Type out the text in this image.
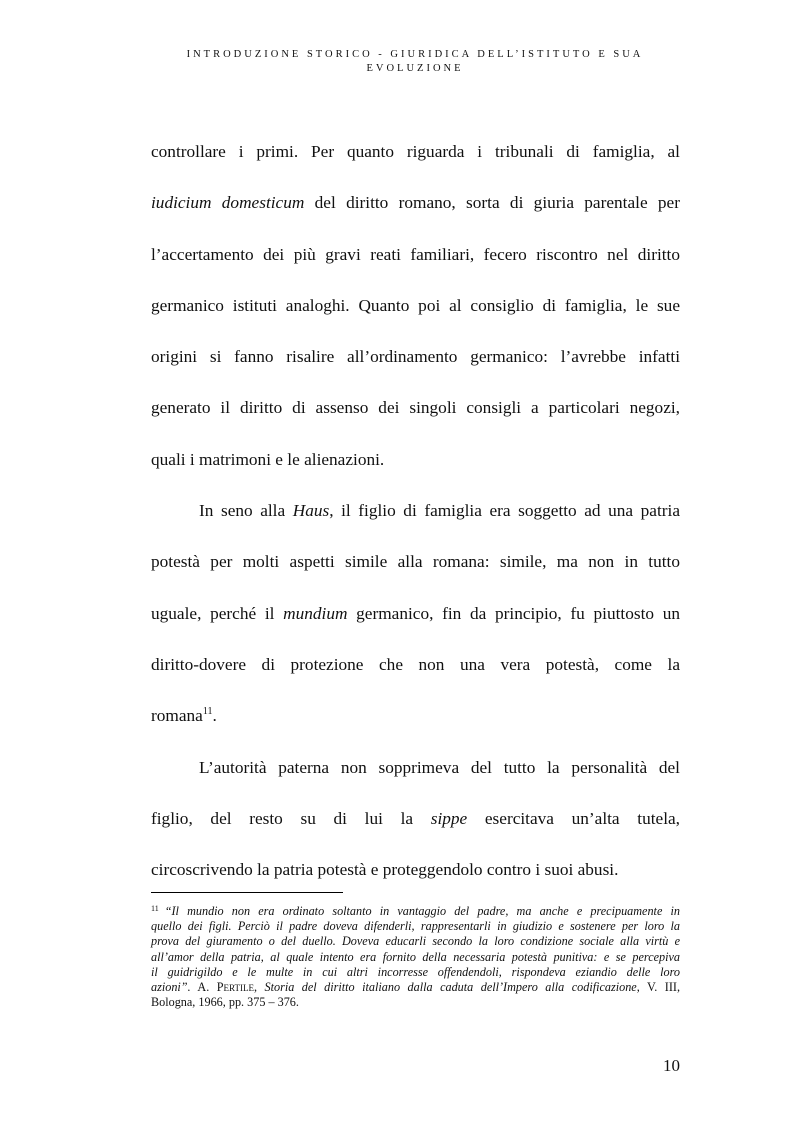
INTRODUZIONE STORICO - GIURIDICA DELL’ISTITUTO E SUA
EVOLUZIONE

controllare i primi. Per quanto riguarda i tribunali di famiglia, al
iudicium domesticum del diritto romano, sorta di giuria parentale per
l’accertamento dei più gravi reati familiari, fecero riscontro nel diritto
germanico istituti analoghi. Quanto poi al consiglio di famiglia, le sue
origini si fanno risalire all’ordinamento germanico: l’avrebbe infatti
generato il diritto di assenso dei singoli consigli a particolari negozi,
quali i matrimoni e le alienazioni.

In seno alla Haus, il figlio di famiglia era soggetto ad una patria
potestà per molti aspetti simile alla romana: simile, ma non in tutto
uguale, perché il mundium germanico, fin da principio, fu piuttosto un
diritto-dovere di protezione che non una vera potestà, come la
romana$^{11}$.

L’autorità paterna non sopprimeva del tutto la personalità del
figlio, del resto su di lui la sippe esercitava un’alta tutela,
circoscrivendo la patria potestà e proteggendolo contro i suoi abusi.

$^{11}$ “Il mundio non era ordinato soltanto in vantaggio del padre, ma anche e precipuamente in
quello dei figli. Perciò il padre doveva difenderli, rappresentarli in giudizio e sostenere per loro la
prova del giuramento o del duello. Doveva educarli secondo la loro condizione sociale alla virtù e
all’amor della patria, al quale intento era fornito della necessaria potestà punitiva: e se percepiva
il guidrigildo e le multe in cui altri incorresse offendendoli, rispondeva eziandio delle loro
azioni”. A. Pertile, Storia del diritto italiano dalla caduta dell’Impero alla codificazione, V. III,
Bologna, 1966, pp. 375 – 376.
10
